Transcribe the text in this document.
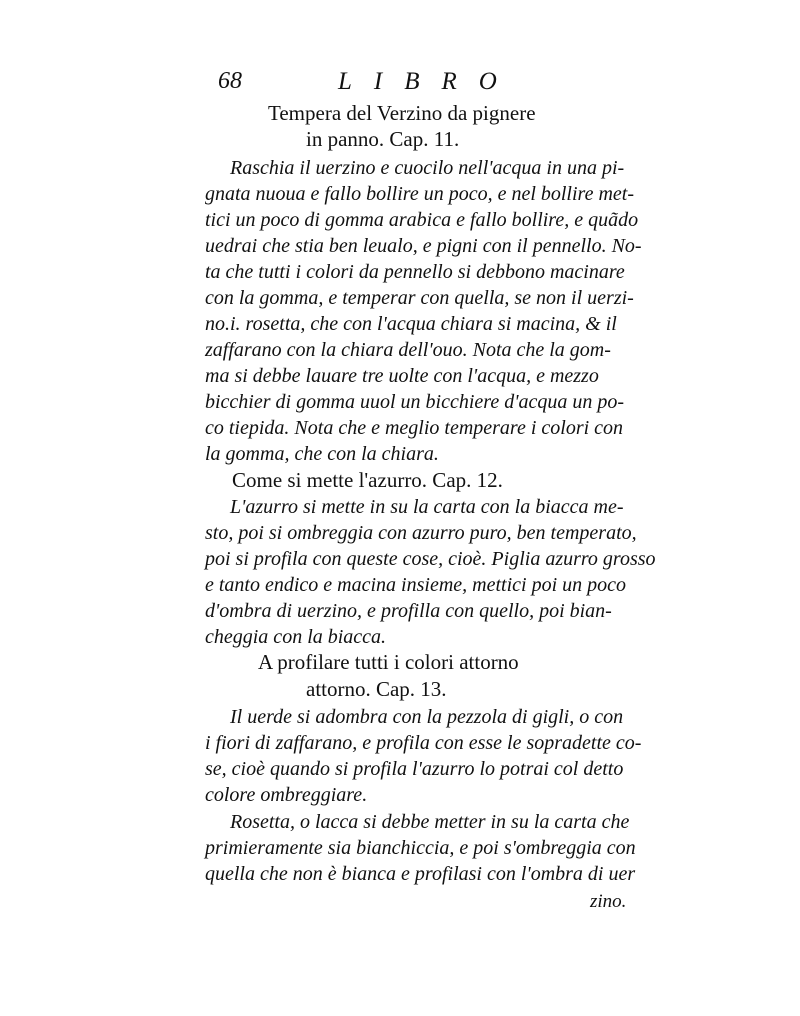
68	LIBRO
Tempera del Verzino da pignere
in panno. Cap. 11.
Raschia il uerzino e cuocilo nell'acqua in una pi-
gnata nuoua e fallo bollire un poco, e nel bollire met-
tici un poco di gomma arabica e fallo bollire, e quãdo
uedrai che stia ben leualo, e pigni con il pennello. No-
ta che tutti i colori da pennello si debbono macinare
con la gomma, e temperar con quella, se non il uerzi-
no.i. rosetta, che con l'acqua chiara si macina, & il
zaffarano con la chiara dell'ouo. Nota che la gom-
ma si debbe lauare tre uolte con l'acqua, e mezzo
bicchier di gomma uuol un bicchiere d'acqua un po-
co tiepida. Nota che e meglio temperare i colori con
la gomma, che con la chiara.
Come si mette l'azurro. Cap. 12.
L'azurro si mette in su la carta con la biacca me-
sto, poi si ombreggia con azurro puro, ben temperato,
poi si profila con queste cose, cioè. Piglia azurro grosso
e tanto endico e macina insieme, mettici poi un poco
d'ombra di uerzino, e profilla con quello, poi bian-
cheggia con la biacca.
A profilare tutti i colori attorno
attorno. Cap. 13.
Il uerde si adombra con la pezzola di gigli, o con
i fiori di zaffarano, e profila con esse le sopradette co-
se, cioè quando si profila l'azurro lo potrai col detto
colore ombreggiare.
Rosetta, o lacca si debbe metter in su la carta che
primieramente sia bianchiccia, e poi s'ombreggia con
quella che non è bianca e profilasi con l'ombra di uer
zino.
